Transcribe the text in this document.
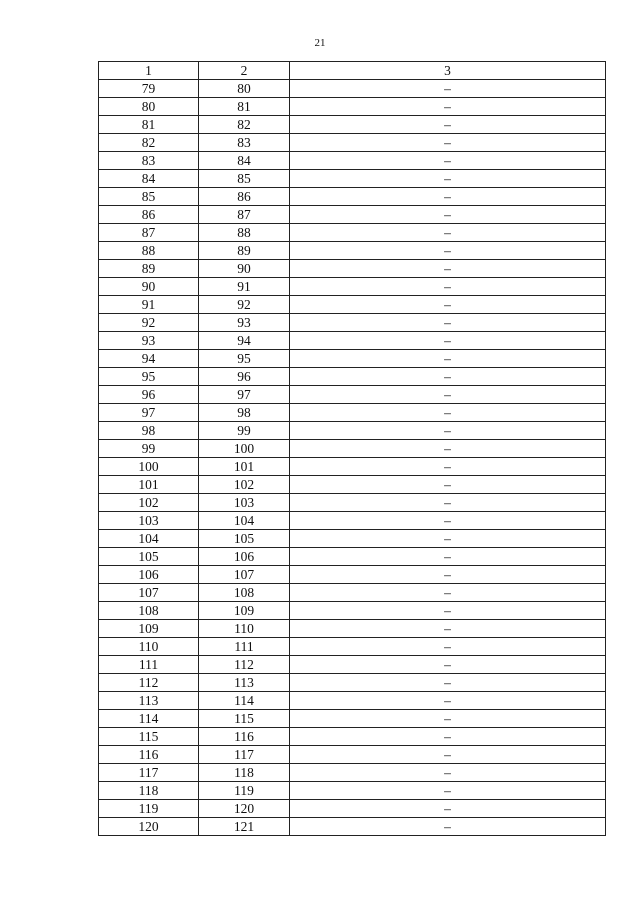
21
1	2	3
79	80	–
80	81	–
81	82	–
82	83	–
83	84	–
84	85	–
85	86	–
86	87	–
87	88	–
88	89	–
89	90	–
90	91	–
91	92	–
92	93	–
93	94	–
94	95	–
95	96	–
96	97	–
97	98	–
98	99	–
99	100	–
100	101	–
101	102	–
102	103	–
103	104	–
104	105	–
105	106	–
106	107	–
107	108	–
108	109	–
109	110	–
110	111	–
111	112	–
112	113	–
113	114	–
114	115	–
115	116	–
116	117	–
117	118	–
118	119	–
119	120	–
120	121	–
